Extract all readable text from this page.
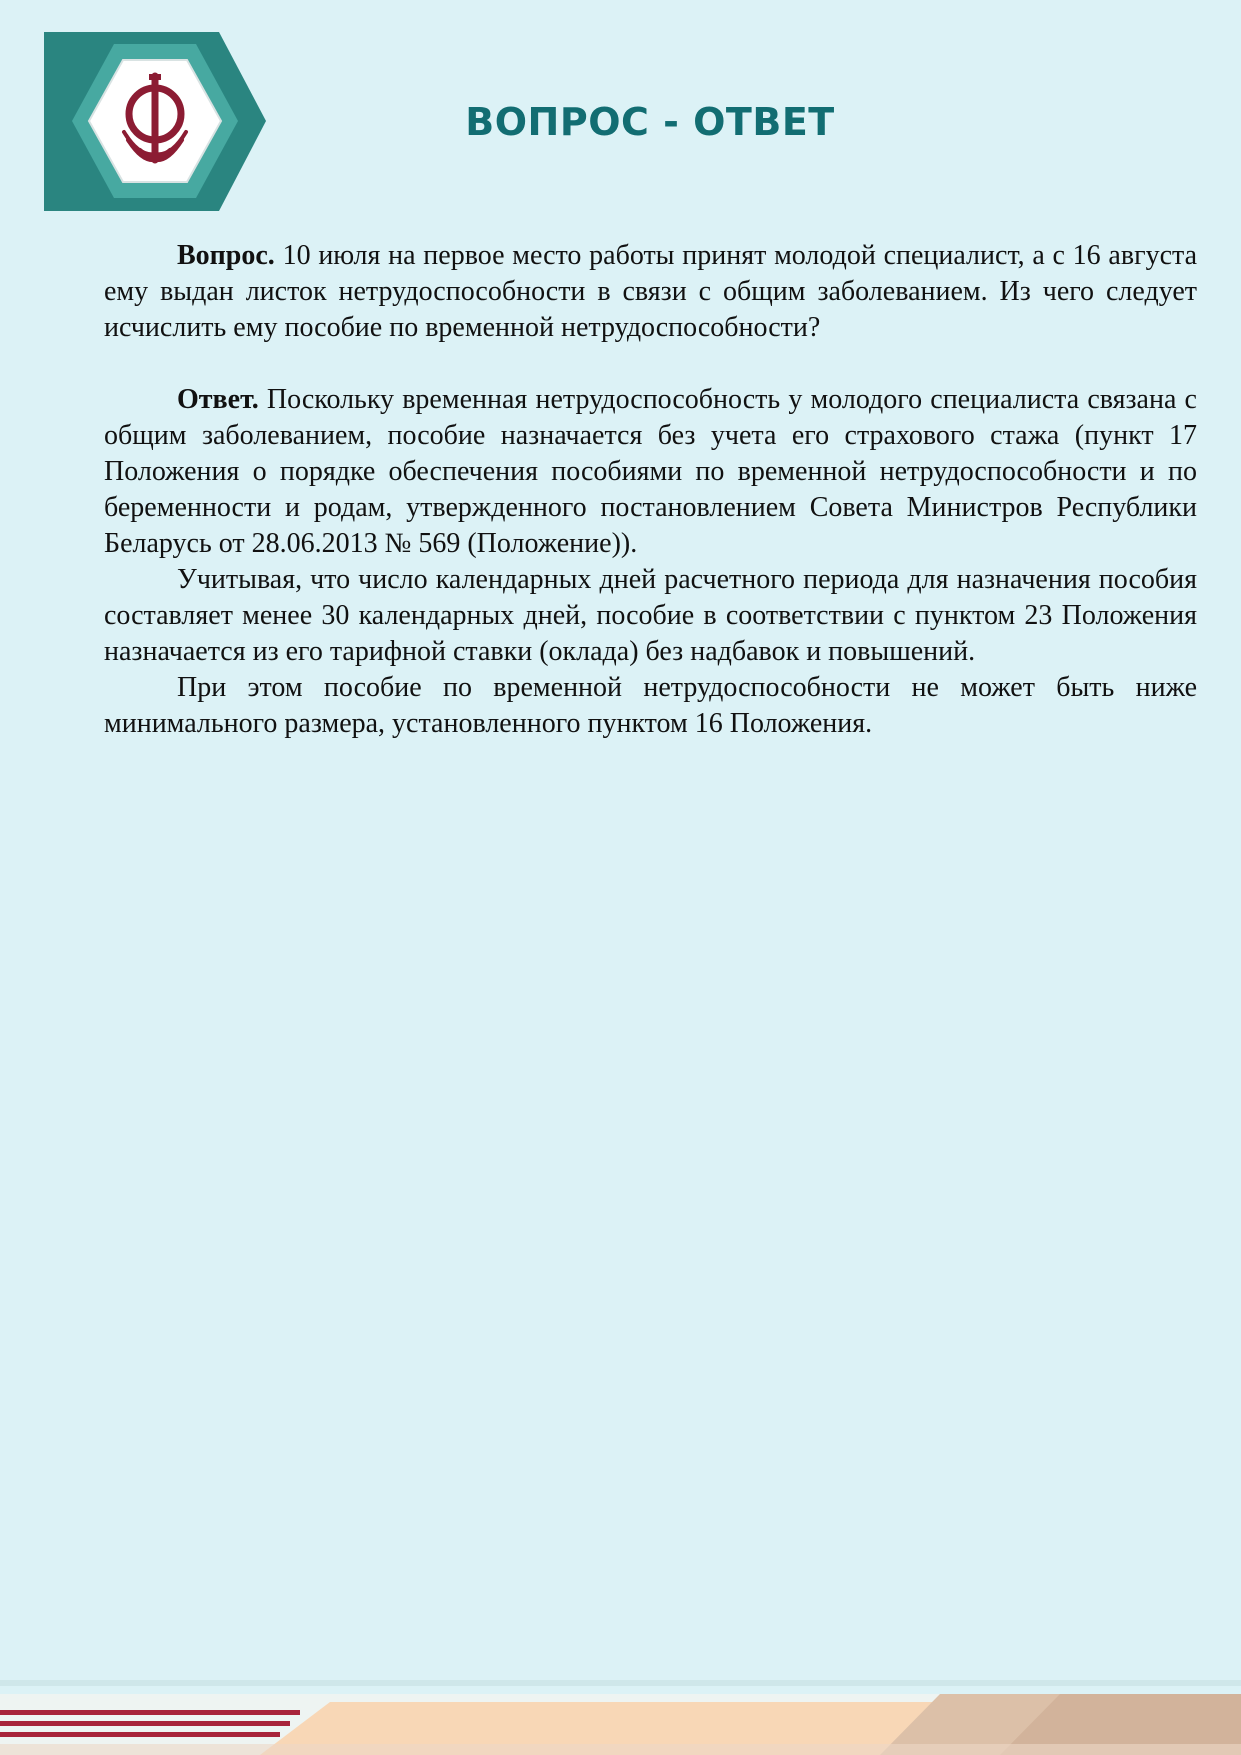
ВОПРОС - ОТВЕТ

Вопрос. 10 июля на первое место работы принят молодой специалист, а с 16 августа ему выдан листок нетрудоспособности в связи с общим заболеванием. Из чего следует исчислить ему пособие по временной нетрудоспособности?

Ответ. Поскольку временная нетрудоспособность у молодого специалиста связана с общим заболеванием, пособие назначается без учета его страхового стажа (пункт 17 Положения о порядке обеспечения пособиями по временной нетрудоспособности и по беременности и родам, утвержденного постановлением Совета Министров Республики Беларусь от 28.06.2013 № 569 (Положение)).

Учитывая, что число календарных дней расчетного периода для назначения пособия составляет менее 30 календарных дней, пособие в соответствии с пунктом 23 Положения назначается из его тарифной ставки (оклада) без надбавок и повышений.

При этом пособие по временной нетрудоспособности не может быть ниже минимального размера, установленного пунктом 16 Положения.
